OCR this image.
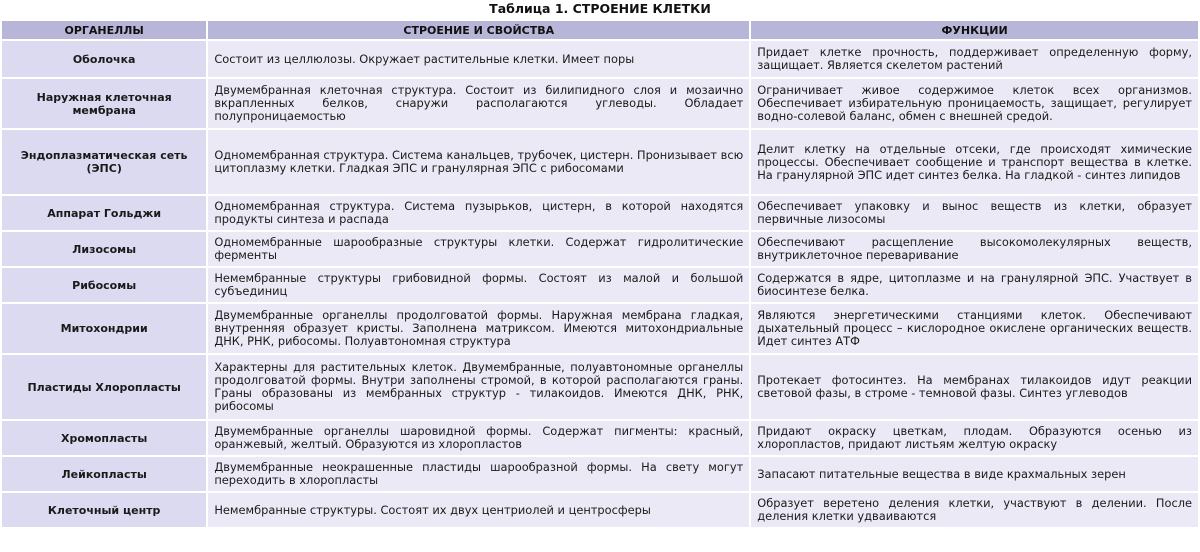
Таблица 1. СТРОЕНИЕ КЛЕТКИ
ОРГАНЕЛЛЫ	СТРОЕНИЕ И СВОЙСТВА	ФУНКЦИИ
Оболочка	Состоит из целлюлозы. Окружает растительные клетки. Имеет поры	Придает клетке прочность, поддерживает определенную форму, защищает. Является скелетом растений
Наружная клеточная мембрана	Двумембранная клеточная структура. Состоит из билипидного слоя и мозаично вкрапленных белков, снаружи располагаются углеводы. Обладает полупроницаемостью	Ограничивает живое содержимое клеток всех организмов. Обеспечивает избирательную проницаемость, защищает, регулирует водно-солевой баланс, обмен с внешней средой.
Эндоплазматическая сеть (ЭПС)	Одномембранная структура. Система канальцев, трубочек, цистерн. Пронизывает всю цитоплазму клетки. Гладкая ЭПС и гранулярная ЭПС с рибосомами	Делит клетку на отдельные отсеки, где происходят химические процессы. Обеспечивает сообщение и транспорт вещества в клетке. На гранулярной ЭПС идет синтез белка. На гладкой - синтез липидов
Аппарат Гольджи	Одномембранная структура. Система пузырьков, цистерн, в которой находятся продукты синтеза и распада	Обеспечивает упаковку и вынос веществ из клетки, образует первичные лизосомы
Лизосомы	Одномембранные шарообразные структуры клетки. Содержат гидролитические ферменты	Обеспечивают расщепление высокомолекулярных веществ, внутриклеточное переваривание
Рибосомы	Немембранные структуры грибовидной формы. Состоят из малой и большой субъединиц	Содержатся в ядре, цитоплазме и на гранулярной ЭПС. Участвует в биосинтезе белка.
Митохондрии	Двумембранные органеллы продолговатой формы. Наружная мембрана гладкая, внутренняя образует кристы. Заполнена матриксом. Имеются митохондриальные ДНК, РНК, рибосомы. Полуавтономная структура	Являются энергетическими станциями клеток. Обеспечивают дыхательный процесс – кислородное окислене органических веществ. Идет синтез АТФ
Пластиды Хлоропласты	Характерны для растительных клеток. Двумембранные, полуавтономные органеллы продолговатой формы. Внутри заполнены стромой, в которой располагаются граны. Граны образованы из мембранных структур - тилакоидов. Имеются ДНК, РНК, рибосомы	Протекает фотосинтез. На мембранах тилакоидов идут реакции световой фазы, в строме - темновой фазы. Синтез углеводов
Хромопласты	Двумембранные органеллы шаровидной формы. Содержат пигменты: красный, оранжевый, желтый. Образуются из хлоропластов	Придают окраску цветкам, плодам. Образуются осенью из хлоропластов, придают листьям желтую окраску
Лейкопласты	Двумембранные неокрашенные пластиды шарообразной формы. На свету могут переходить в хлоропласты	Запасают питательные вещества в виде крахмальных зерен
Клеточный центр	Немембранные структуры. Состоят их двух центриолей и центросферы	Образует веретено деления клетки, участвуют в делении. После деления клетки удваиваются
